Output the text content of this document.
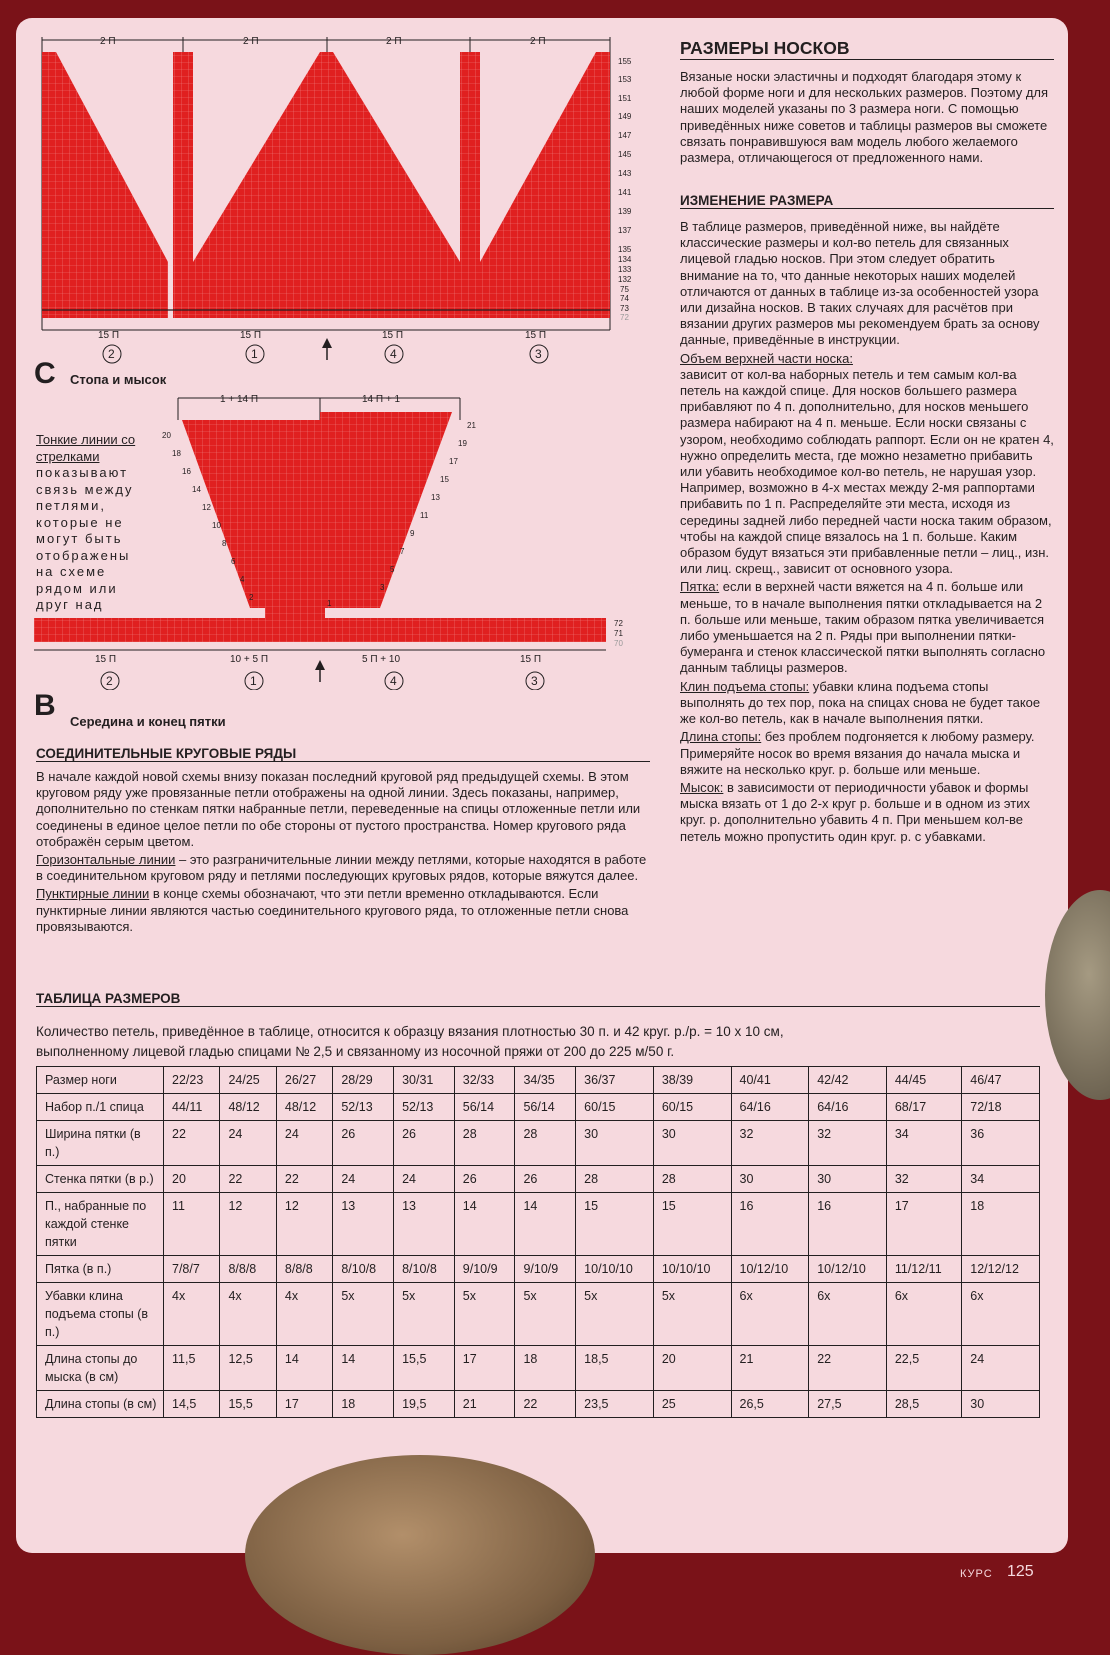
2 П	2 П	2 П	2 П
15 П	15 П	15 П	15 П
2	1	4	3
155
153
151
149
147
145
143
141
139
137
135
134
133
132
75
74
73
72
C Стопа и мысок
Тонкие линии со
стрелками
показывают связь между петлями, которые не могут быть отображены на схеме рядом или друг над
1 + 14 П	14 П + 1
15 П	10 + 5 П	5 П + 10	15 П
2	1	4	3
20
18
16
14
12
10
8
6
4
2
21
19
17
15
13
11
9
7
5
3
1
72
71
70
B Середина и конец пятки
СОЕДИНИТЕЛЬНЫЕ КРУГОВЫЕ РЯДЫ

В начале каждой новой схемы внизу показан последний круговой ряд предыдущей схемы. В этом круговом ряду уже провязанные петли отображены на одной линии. Здесь показаны, например, дополнительно по стенкам пятки набранные петли, переведенные на спицы отложенные петли или соединены в единое целое петли по обе стороны от пустого пространства. Номер кругового ряда отображён серым цветом.

Горизонтальные линии – это разграничительные линии между петлями, которые находятся в работе в соединительном круговом ряду и петлями последующих круговых рядов, которые вяжутся далее.

Пунктирные линии в конце схемы обозначают, что эти петли временно откладываются. Если пунктирные линии являются частью соединительного кругового ряда, то отложенные петли снова провязываются.

РАЗМЕРЫ НОСКОВ
Вязаные носки эластичны и подходят благодаря этому к любой форме ноги и для нескольких размеров. Поэтому для наших моделей указаны по 3 размера ноги. С помощью приведённых ниже советов и таблицы размеров вы сможете связать понравившуюся вам модель любого желаемого размера, отличающегося от предложенного нами.
ИЗМЕНЕНИЕ РАЗМЕРА

В таблице размеров, приведённой ниже, вы найдёте классические размеры и кол-во петель для связанных лицевой гладью носков. При этом следует обратить внимание на то, что данные некоторых наших моделей отличаются от данных в таблице из-за особенностей узора или дизайна носков. В таких случаях для расчётов при вязании других размеров мы рекомендуем брать за основу данные, приведённые в инструкции.

Объем верхней части носка:

зависит от кол-ва наборных петель и тем самым кол-ва петель на каждой спице. Для носков большего размера прибавляют по 4 п. дополнительно, для носков меньшего размера набирают на 4 п. меньше. Если носки связаны с узором, необходимо соблюдать раппорт. Если он не кратен 4, нужно определить места, где можно незаметно прибавить или убавить необходимое кол-во петель, не нарушая узор. Например, возможно в 4-х местах между 2-мя раппортами прибавить по 1 п. Распределяйте эти места, исходя из середины задней либо передней части носка таким образом, чтобы на каждой спице вязалось на 1 п. больше. Каким образом будут вязаться эти прибавленные петли – лиц., изн. или лиц. скрещ., зависит от основного узора.

Пятка: если в верхней части вяжется на 4 п. больше или меньше, то в начале выполнения пятки откладывается на 2 п. больше или меньше, таким образом пятка увеличивается либо уменьшается на 2 п. Ряды при выполнении пятки-бумеранга и стенок классической пятки выполнять согласно данным таблицы размеров.

Клин подъема стопы: убавки клина подъема стопы выполнять до тех пор, пока на спицах снова не будет такое же кол-во петель, как в начале выполнения пятки.

Длина стопы: без проблем подгоняется к любому размеру. Примеряйте носок во время вязания до начала мыска и вяжите на несколько круг. р. больше или меньше.

Мысок: в зависимости от периодичности убавок и формы мыска вязать от 1 до 2-х круг р. больше и в одном из этих круг. р. дополнительно убавить 4 п. При меньшем кол-ве петель можно пропустить один круг. р. с убавками.

ТАБЛИЦА РАЗМЕРОВ
Количество петель, приведённое в таблице, относится к образцу вязания плотностью 30 п. и 42 круг. р./р. = 10 х 10 см,
выполненному лицевой гладью спицами № 2,5 и связанному из носочной пряжи от 200 до 225 м/50 г.
Размер ноги	22/23	24/25	26/27	28/29	30/31	32/33	34/35	36/37	38/39	40/41	42/42	44/45	46/47
Набор п./1 спица	44/11	48/12	48/12	52/13	52/13	56/14	56/14	60/15	60/15	64/16	64/16	68/17	72/18
Ширина пятки (в п.)	22	24	24	26	26	28	28	30	30	32	32	34	36
Стенка пятки (в р.)	20	22	22	24	24	26	26	28	28	30	30	32	34
П., набранные по каждой стенке пятки	11	12	12	13	13	14	14	15	15	16	16	17	18
Пятка (в п.)	7/8/7	8/8/8	8/8/8	8/10/8	8/10/8	9/10/9	9/10/9	10/10/10	10/10/10	10/12/10	10/12/10	11/12/11	12/12/12
Убавки клина подъема стопы (в п.)	4х	4х	4х	5х	5х	5х	5х	5х	5х	6х	6х	6х	6х
Длина стопы до мыска (в см)	11,5	12,5	14	14	15,5	17	18	18,5	20	21	22	22,5	24
Длина стопы (в см)	14,5	15,5	17	18	19,5	21	22	23,5	25	26,5	27,5	28,5	30
КУРС 125
